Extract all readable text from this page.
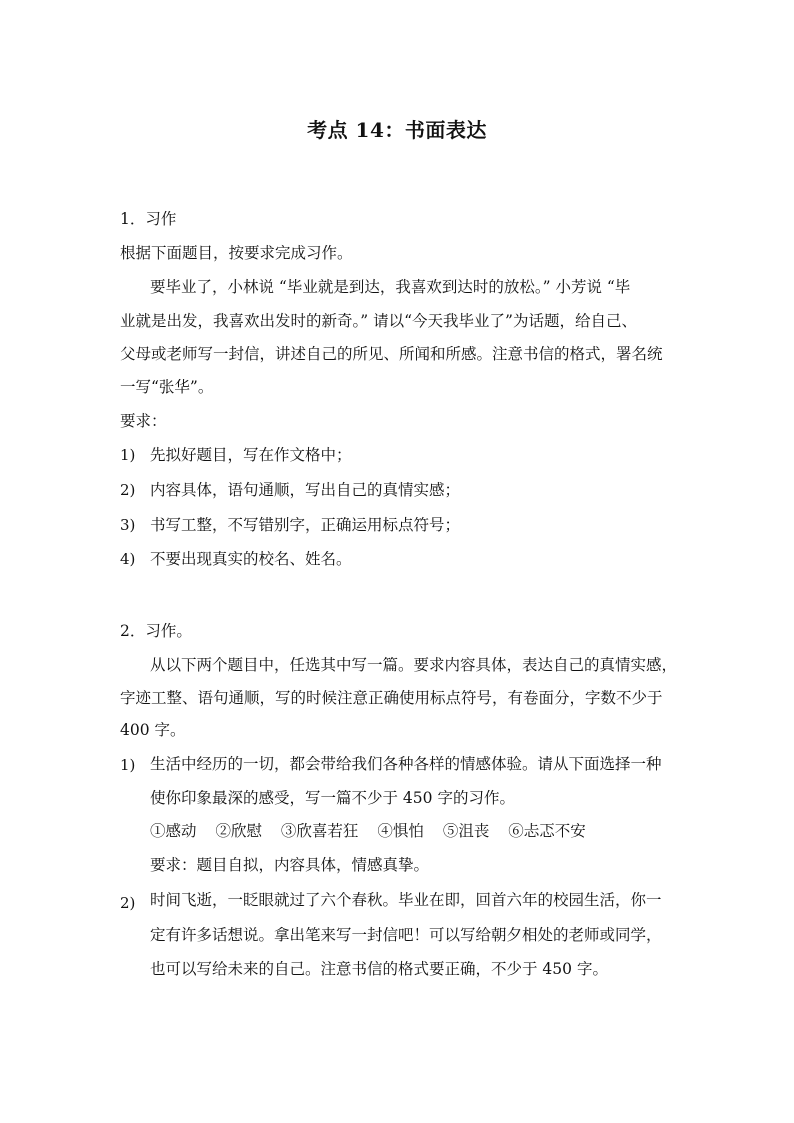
考点 14：书面表达
1．习作
根据下面题目，按要求完成习作。
要毕业了，小林说 “毕业就是到达，我喜欢到达时的放松。” 小芳说 “毕
业就是出发，我喜欢出发时的新奇。” 请以“今天我毕业了”为话题，给自己、
父母或老师写一封信，讲述自己的所见、所闻和所感。注意书信的格式，署名统
一写“张华”。
要求：
1) 先拟好题目，写在作文格中；
2) 内容具体，语句通顺，写出自己的真情实感；
3) 书写工整，不写错别字，正确运用标点符号；
4) 不要出现真实的校名、姓名。
2．习作。
从以下两个题目中，任选其中写一篇。要求内容具体，表达自己的真情实感，
字迹工整、语句通顺，写的时候注意正确使用标点符号，有卷面分，字数不少于
400 字。
1) 生活中经历的一切，都会带给我们各种各样的情感体验。请从下面选择一种
使你印象最深的感受，写一篇不少于 450 字的习作。
①感动 ②欣慰 ③欣喜若狂 ④惧怕 ⑤沮丧 ⑥忐忑不安
要求：题目自拟，内容具体，情感真挚。
2) 时间飞逝，一眨眼就过了六个春秋。毕业在即，回首六年的校园生活，你一
定有许多话想说。拿出笔来写一封信吧！可以写给朝夕相处的老师或同学，
也可以写给未来的自己。注意书信的格式要正确，不少于 450 字。
